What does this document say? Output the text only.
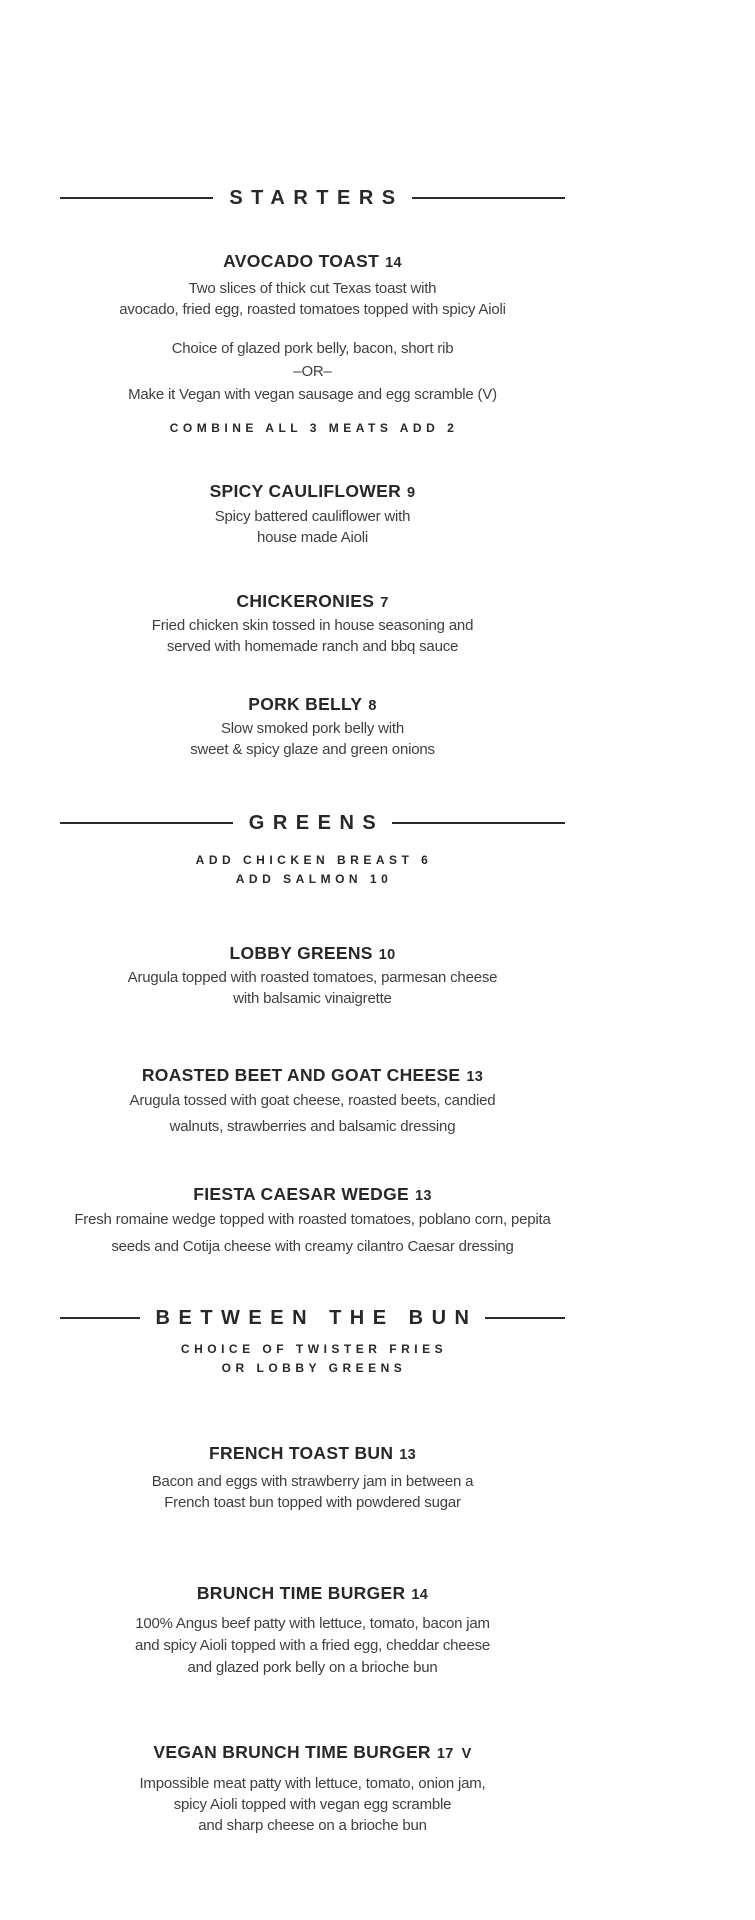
STARTERS
AVOCADO TOAST 14
Two slices of thick cut Texas toast with
avocado, fried egg, roasted tomatoes topped with spicy Aioli
Choice of glazed pork belly, bacon, short rib
–OR–
Make it Vegan with vegan sausage and egg scramble (V)
COMBINE ALL 3 MEATS ADD 2
SPICY CAULIFLOWER 9
Spicy battered cauliflower with
house made Aioli
CHICKERONIES 7
Fried chicken skin tossed in house seasoning and
served with homemade ranch and bbq sauce
PORK BELLY 8
Slow smoked pork belly with
sweet & spicy glaze and green onions
GREENS
ADD CHICKEN BREAST 6
ADD SALMON 10
LOBBY GREENS 10
Arugula topped with roasted tomatoes, parmesan cheese
with balsamic vinaigrette
ROASTED BEET AND GOAT CHEESE 13
Arugula tossed with goat cheese, roasted beets, candied
walnuts, strawberries and balsamic dressing
FIESTA CAESAR WEDGE 13
Fresh romaine wedge topped with roasted tomatoes, poblano corn, pepita
seeds and Cotija cheese with creamy cilantro Caesar dressing
BETWEEN THE BUN
CHOICE OF TWISTER FRIES
OR LOBBY GREENS
FRENCH TOAST BUN 13
Bacon and eggs with strawberry jam in between a
French toast bun topped with powdered sugar
BRUNCH TIME BURGER 14
100% Angus beef patty with lettuce, tomato, bacon jam
and spicy Aioli topped with a fried egg, cheddar cheese
and glazed pork belly on a brioche bun
VEGAN BRUNCH TIME BURGER 17 V
Impossible meat patty with lettuce, tomato, onion jam,
spicy Aioli topped with vegan egg scramble
and sharp cheese on a brioche bun
